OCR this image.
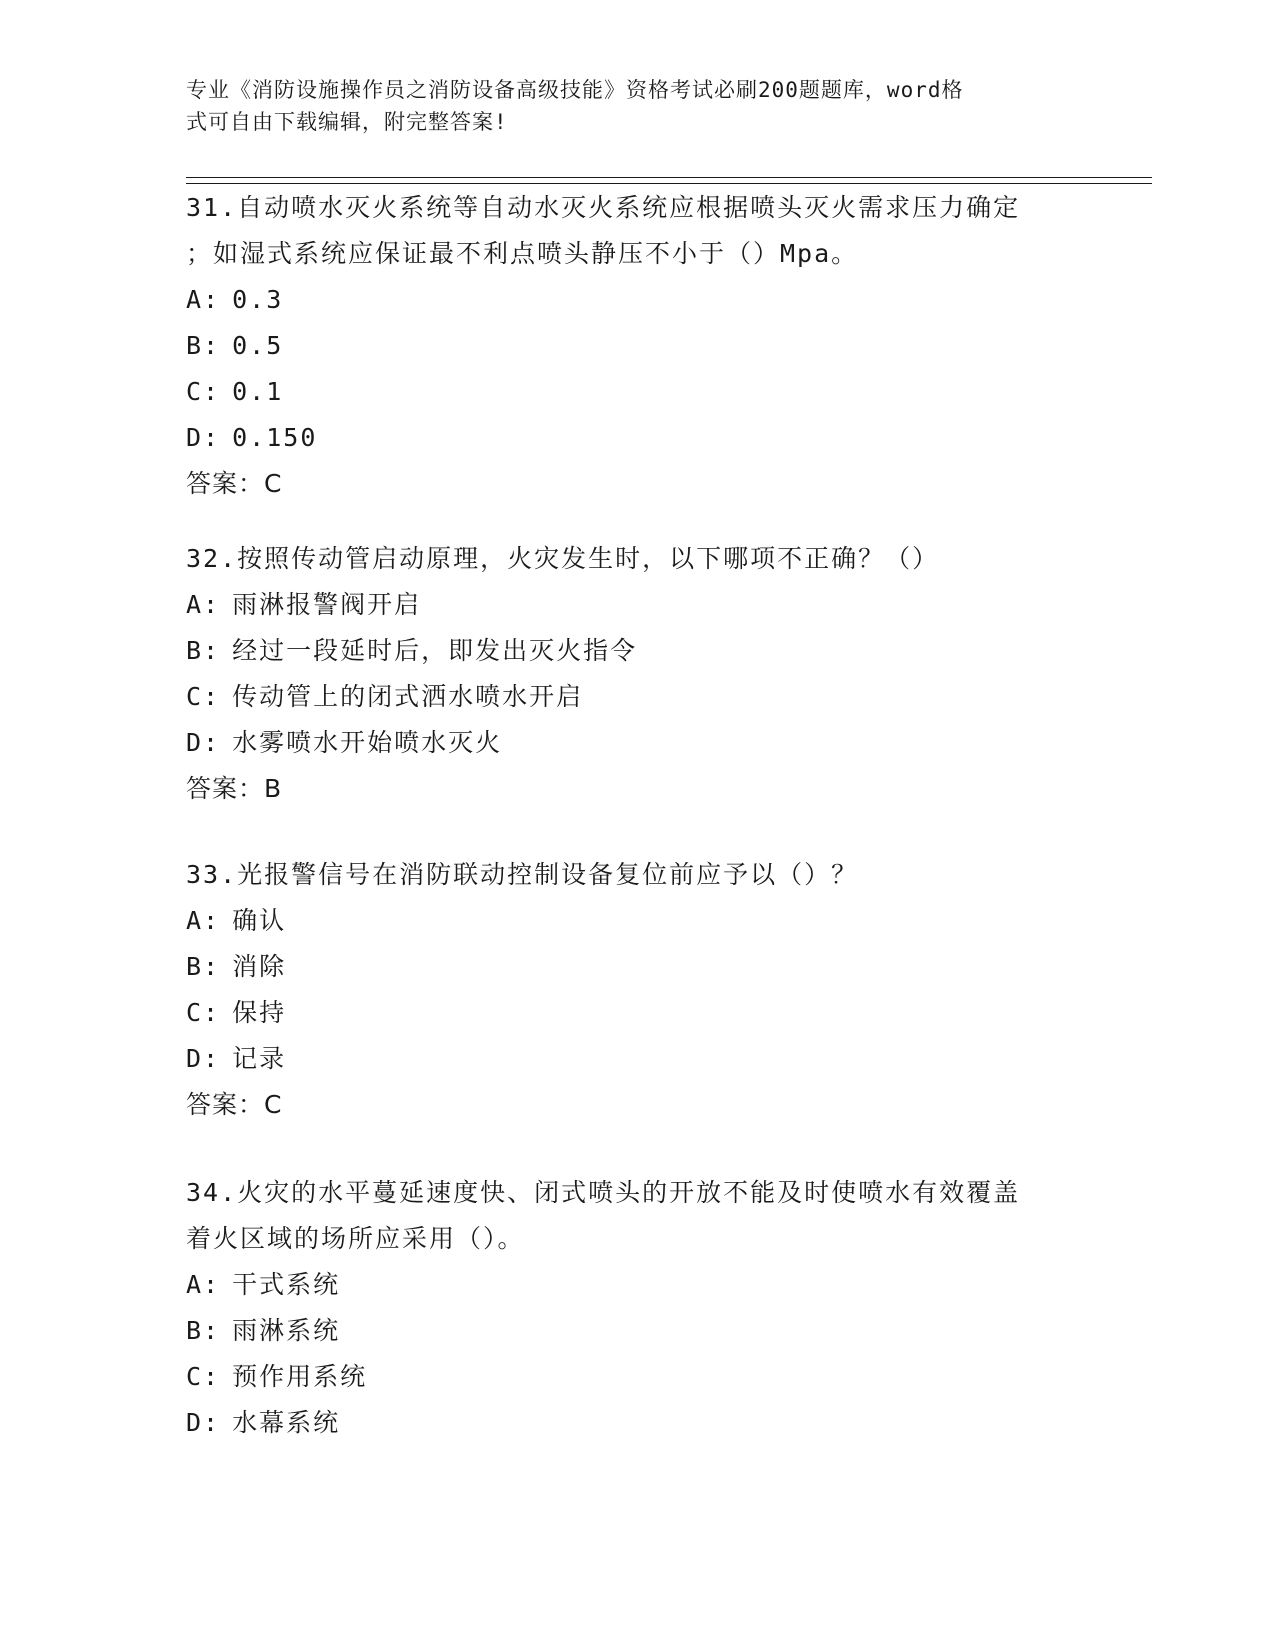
专业《消防设施操作员之消防设备高级技能》资格考试必刷200题题库，word格
式可自由下载编辑，附完整答案!
31.自动喷水灭火系统等自动水灭火系统应根据喷头灭火需求压力确定
；如湿式系统应保证最不利点喷头静压不小于（）Mpa。
A: 0.3
B: 0.5
C: 0.1
D: 0.150
答案：C
32.按照传动管启动原理，火灾发生时，以下哪项不正确？（）
A: 雨淋报警阀开启
B: 经过一段延时后，即发出灭火指令
C: 传动管上的闭式洒水喷水开启
D: 水雾喷水开始喷水灭火
答案：B
33.光报警信号在消防联动控制设备复位前应予以（）？
A: 确认
B: 消除
C: 保持
D: 记录
答案：C
34.火灾的水平蔓延速度快、闭式喷头的开放不能及时使喷水有效覆盖
着火区域的场所应采用（）。
A: 干式系统
B: 雨淋系统
C: 预作用系统
D: 水幕系统
